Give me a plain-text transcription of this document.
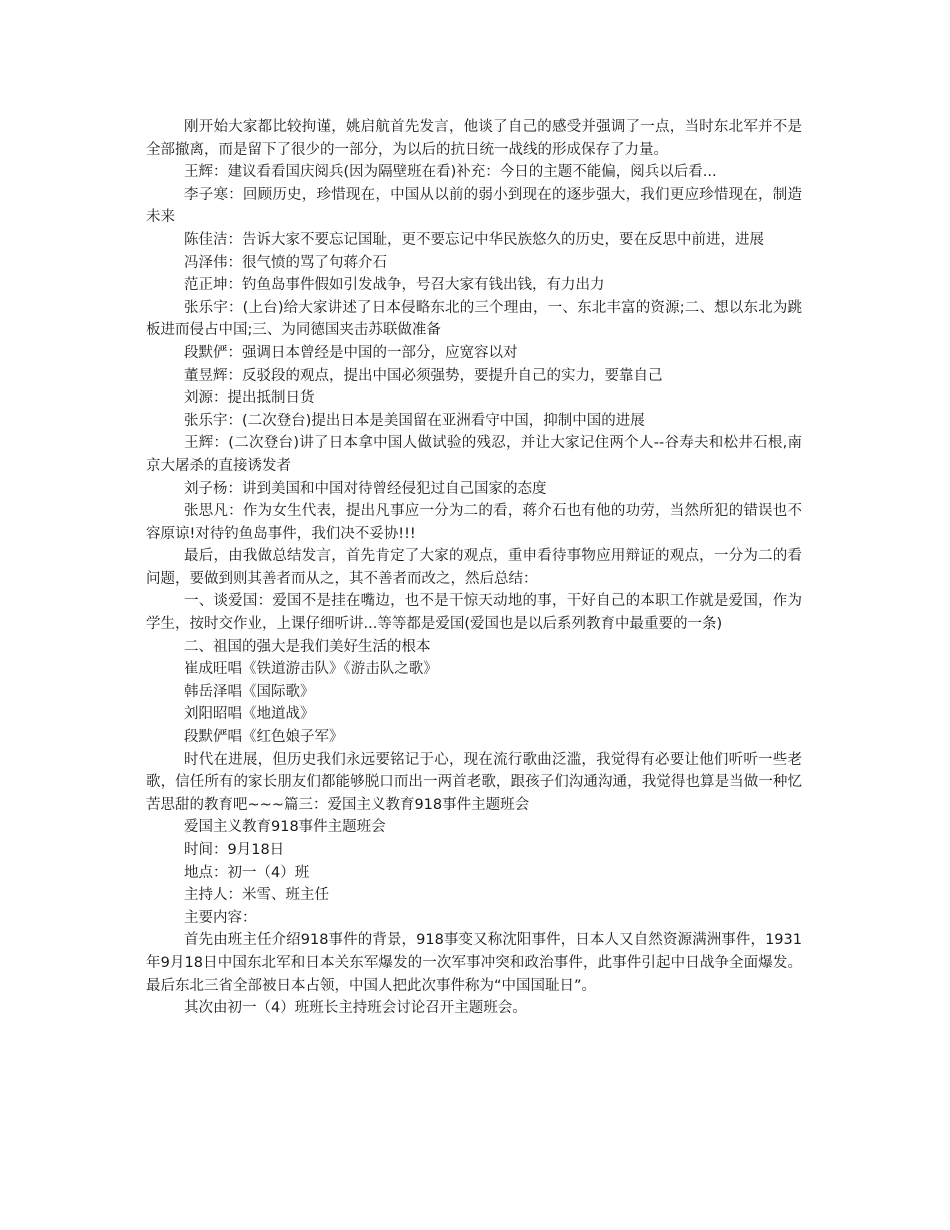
刚开始大家都比较拘谨，姚启航首先发言，他谈了自己的感受并强调了一点，当时东北军并不是全部撤离，而是留下了很少的一部分，为以后的抗日统一战线的形成保存了力量。

王辉：建议看看国庆阅兵(因为隔壁班在看)补充：今日的主题不能偏，阅兵以后看...

李子寒：回顾历史，珍惜现在，中国从以前的弱小到现在的逐步强大，我们更应珍惜现在，制造未来

陈佳洁：告诉大家不要忘记国耻，更不要忘记中华民族悠久的历史，要在反思中前进，进展

冯泽伟：很气愤的骂了句蒋介石

范正坤：钓鱼岛事件假如引发战争，号召大家有钱出钱，有力出力

张乐宇：(上台)给大家讲述了日本侵略东北的三个理由，一、东北丰富的资源;二、想以东北为跳板进而侵占中国;三、为同德国夹击苏联做准备

段默俨：强调日本曾经是中国的一部分，应宽容以对

董昱辉：反驳段的观点，提出中国必须强势，要提升自己的实力，要靠自己

刘源：提出抵制日货

张乐宇：(二次登台)提出日本是美国留在亚洲看守中国，抑制中国的进展

王辉：(二次登台)讲了日本拿中国人做试验的残忍，并让大家记住两个人--谷寿夫和松井石根,南京大屠杀的直接诱发者

刘子杨：讲到美国和中国对待曾经侵犯过自己国家的态度

张思凡：作为女生代表，提出凡事应一分为二的看，蒋介石也有他的功劳，当然所犯的错误也不容原谅!对待钓鱼岛事件，我们决不妥协!!!

最后，由我做总结发言，首先肯定了大家的观点，重申看待事物应用辩证的观点，一分为二的看问题，要做到则其善者而从之，其不善者而改之，然后总结：

一、谈爱国：爱国不是挂在嘴边，也不是干惊天动地的事，干好自己的本职工作就是爱国，作为学生，按时交作业，上课仔细听讲...等等都是爱国(爱国也是以后系列教育中最重要的一条)

二、祖国的强大是我们美好生活的根本

崔成旺唱《铁道游击队》《游击队之歌》

韩岳泽唱《国际歌》

刘阳昭唱《地道战》

段默俨唱《红色娘子军》

时代在进展，但历史我们永远要铭记于心，现在流行歌曲泛滥，我觉得有必要让他们听听一些老歌，信任所有的家长朋友们都能够脱口而出一两首老歌，跟孩子们沟通沟通，我觉得也算是当做一种忆苦思甜的教育吧~~~篇三：爱国主义教育918事件主题班会

爱国主义教育918事件主题班会

时间：9月18日

地点：初一（4）班

主持人：米雪、班主任

主要内容：

首先由班主任介绍918事件的背景，918事变又称沈阳事件，日本人又自然资源满洲事件，1931年9月18日中国东北军和日本关东军爆发的一次军事冲突和政治事件，此事件引起中日战争全面爆发。最后东北三省全部被日本占领，中国人把此次事件称为“中国国耻日”。

其次由初一（4）班班长主持班会讨论召开主题班会。
